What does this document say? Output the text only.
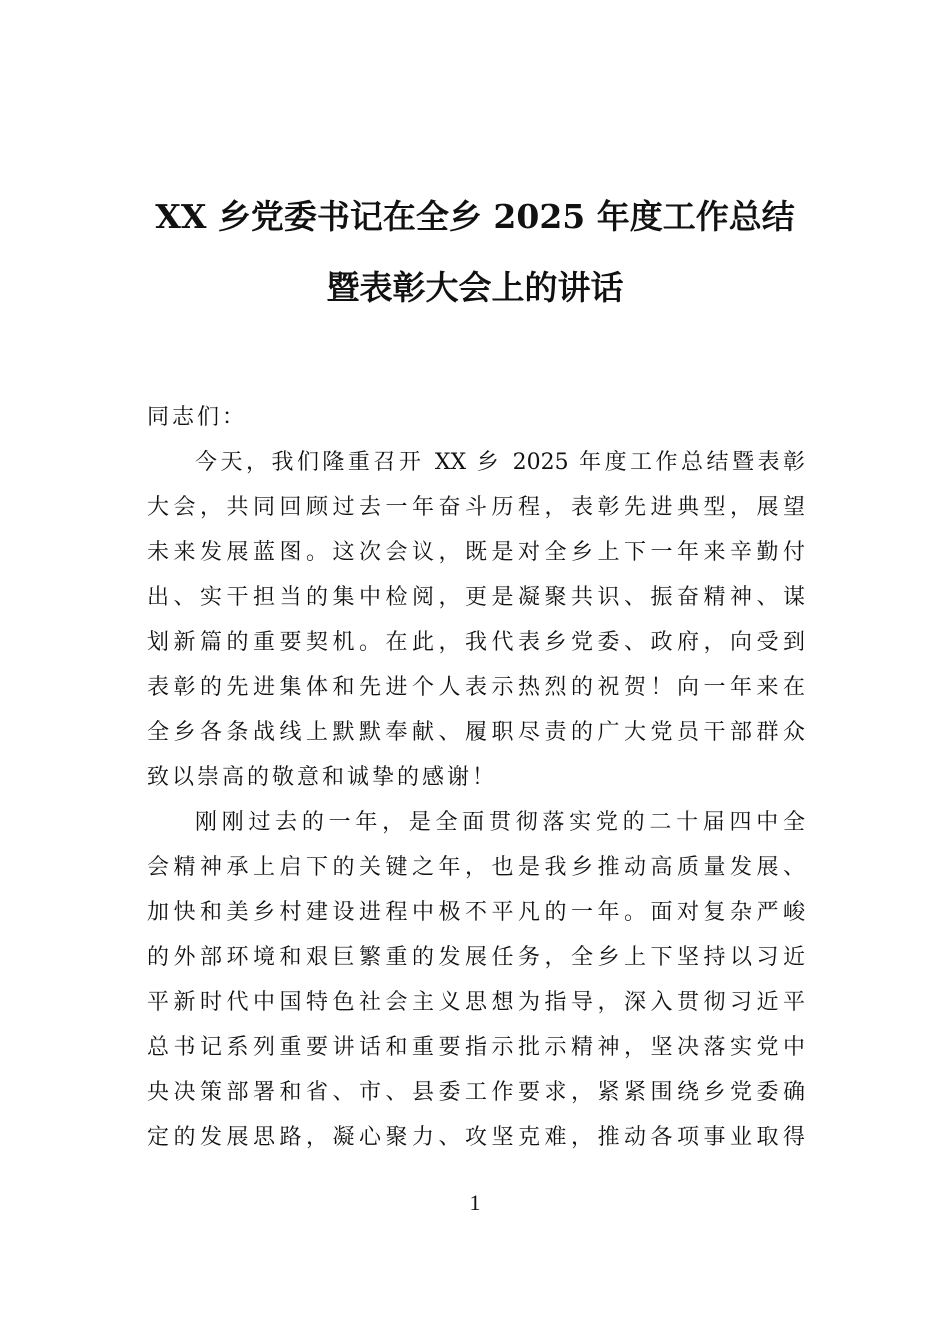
XX 乡党委书记在全乡 2025 年度工作总结
暨表彰大会上的讲话
同志们：
今天，我们隆重召开 XX 乡 2025 年度工作总结暨表彰
大会，共同回顾过去一年奋斗历程，表彰先进典型，展望
未来发展蓝图。这次会议，既是对全乡上下一年来辛勤付
出、实干担当的集中检阅，更是凝聚共识、振奋精神、谋
划新篇的重要契机。在此，我代表乡党委、政府，向受到
表彰的先进集体和先进个人表示热烈的祝贺！向一年来在
全乡各条战线上默默奉献、履职尽责的广大党员干部群众
致以崇高的敬意和诚挚的感谢！
刚刚过去的一年，是全面贯彻落实党的二十届四中全
会精神承上启下的关键之年，也是我乡推动高质量发展、
加快和美乡村建设进程中极不平凡的一年。面对复杂严峻
的外部环境和艰巨繁重的发展任务，全乡上下坚持以习近
平新时代中国特色社会主义思想为指导，深入贯彻习近平
总书记系列重要讲话和重要指示批示精神，坚决落实党中
央决策部署和省、市、县委工作要求，紧紧围绕乡党委确
定的发展思路，凝心聚力、攻坚克难，推动各项事业取得
1
